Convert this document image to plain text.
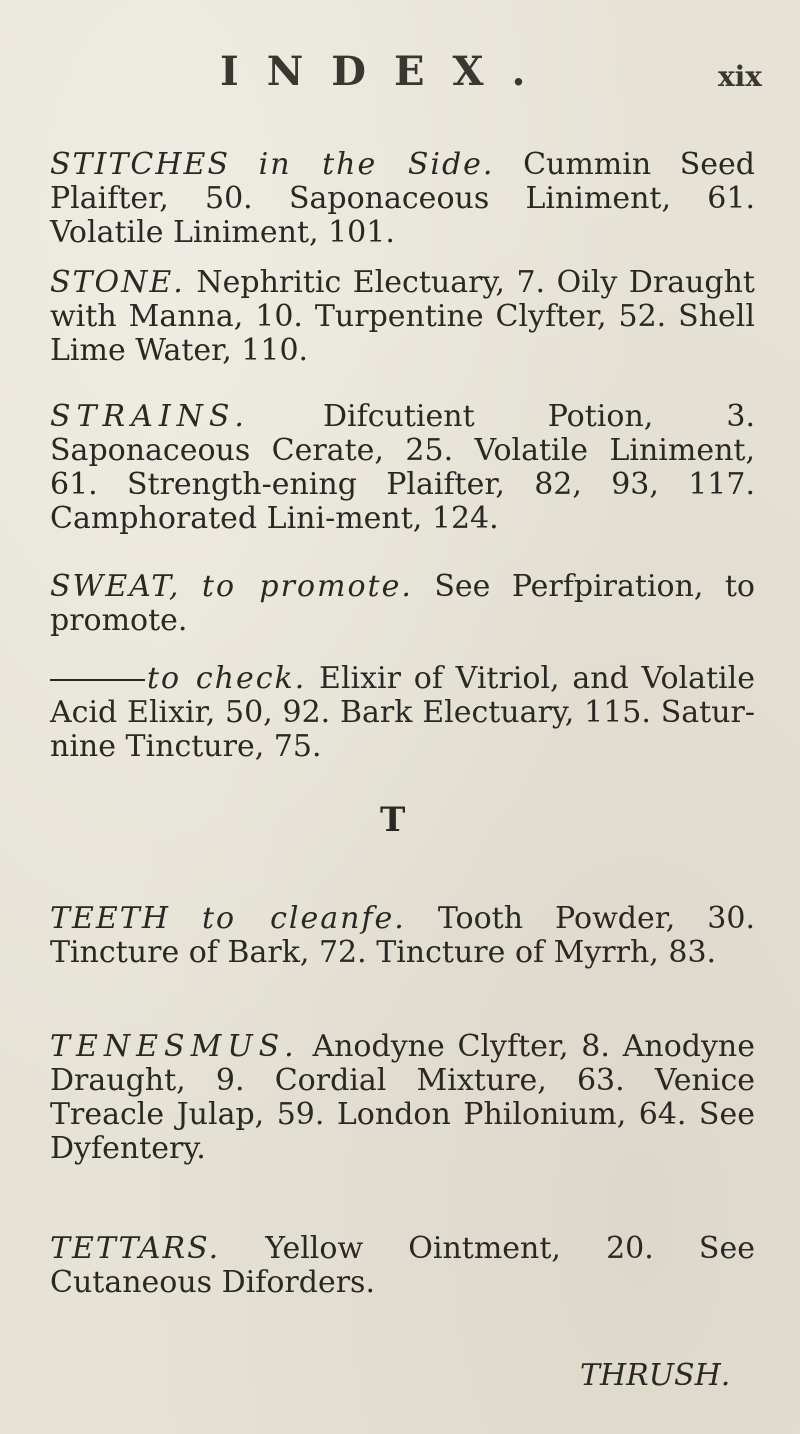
INDEX.	xix
STITCHES in the Side. Cummin Seed Plaifter, 50. Saponaceous Liniment, 61. Volatile Liniment, 101.
STONE. Nephritic Electuary, 7. Oily Draught with Manna, 10. Turpentine Clyfter, 52. Shell Lime Water, 110.
STRAINS. Difcutient Potion, 3. Saponaceous Cerate, 25. Volatile Liniment, 61. Strength-ening Plaifter, 82, 93, 117. Camphorated Lini-ment, 124.
SWEAT, to promote. See Perfpiration, to promote.
to check. Elixir of Vitriol, and Volatile Acid Elixir, 50, 92. Bark Electuary, 115. Satur-nine Tincture, 75.
T
TEETH to cleanfe. Tooth Powder, 30. Tincture of Bark, 72. Tincture of Myrrh, 83.
TENESMUS. Anodyne Clyfter, 8. Anodyne Draught, 9. Cordial Mixture, 63. Venice Treacle Julap, 59. London Philonium, 64. See Dyfentery.
TETTARS. Yellow Ointment, 20. See Cutaneous Diforders.
THRUSH.
